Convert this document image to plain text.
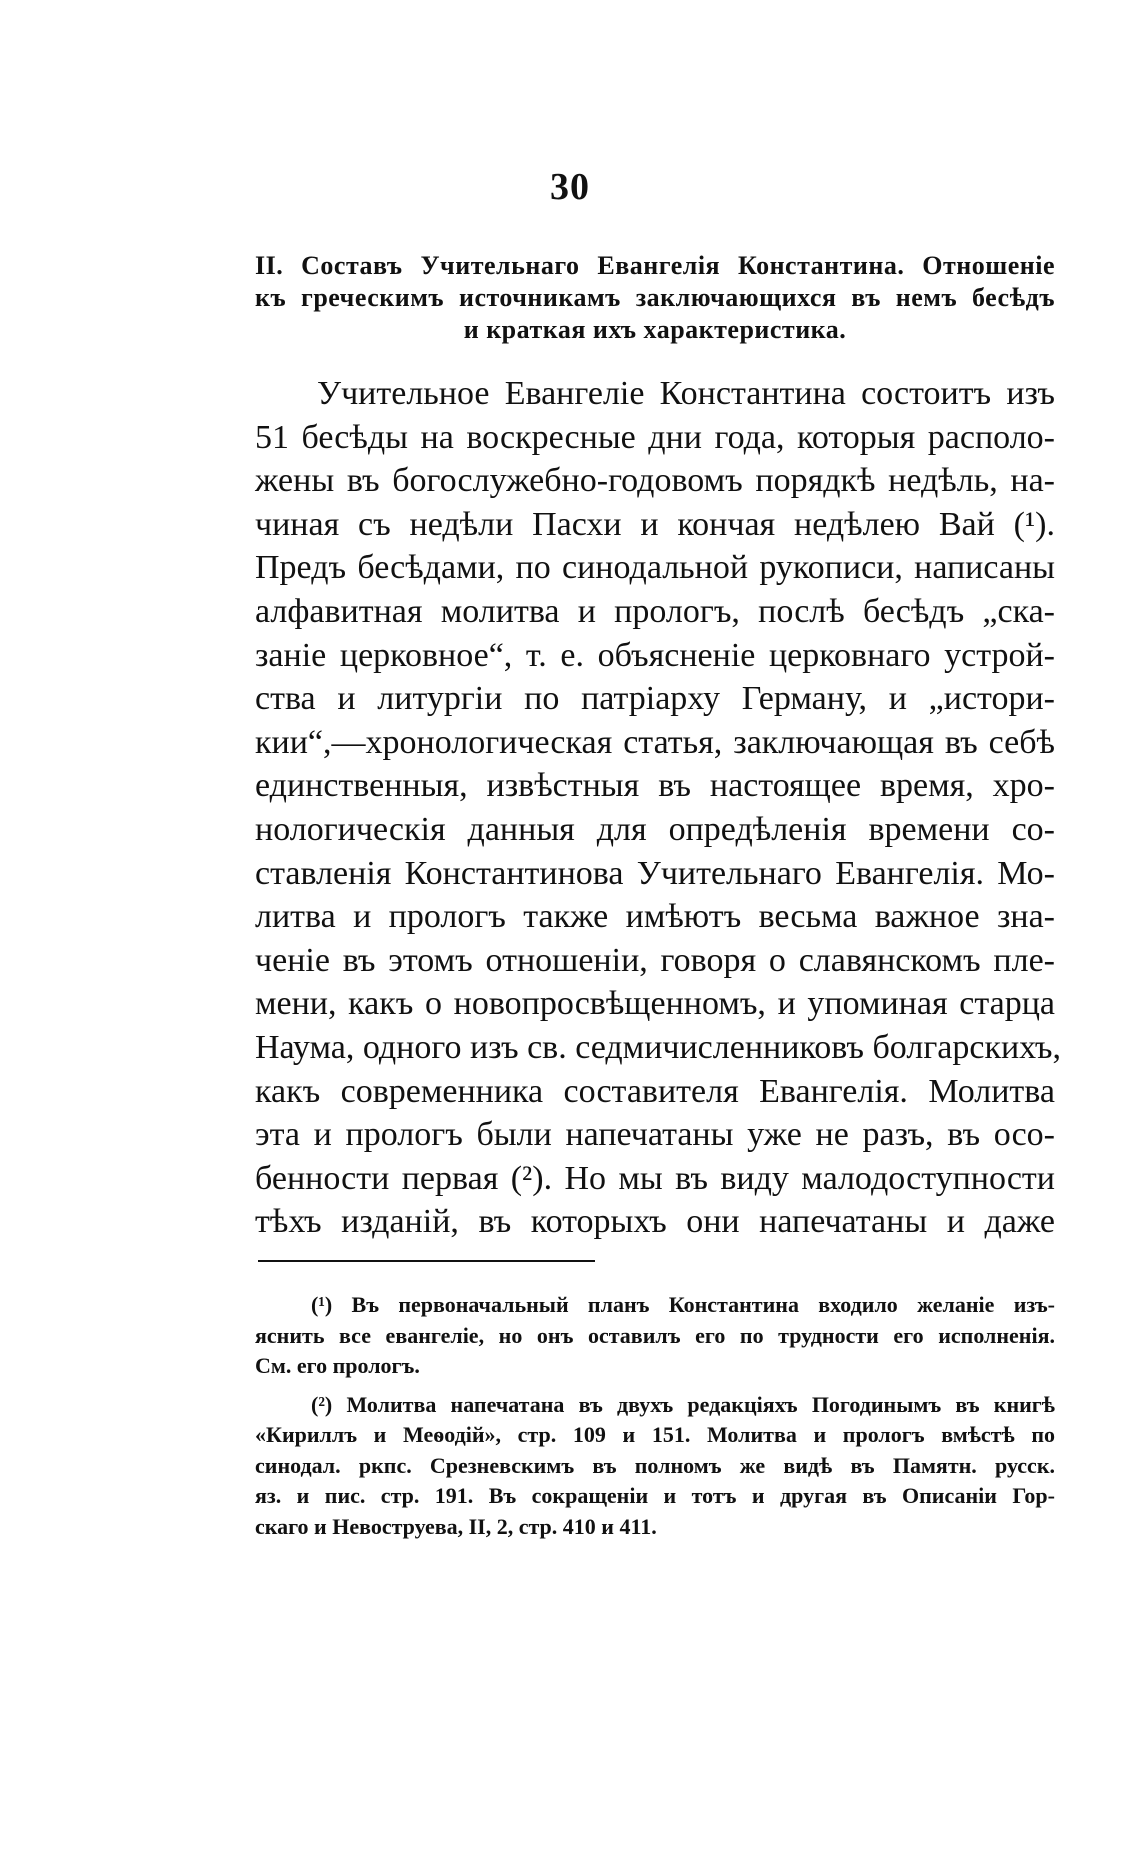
30
II. Составъ Учительнаго Евангелія Константина. Отношеніе
къ греческимъ источникамъ заключающихся въ немъ бесѣдъ
и краткая ихъ характеристика.
Учительное Евангеліе Константина состоитъ изъ
51 бесѣды на воскресные дни года, которыя располо-
жены въ богослужебно-годовомъ порядкѣ недѣль, на-
чиная съ недѣли Пасхи и кончая недѣлею Вай (¹).
Предъ бесѣдами, по синодальной рукописи, написаны
алфавитная молитва и прологъ, послѣ бесѣдъ „ска-
заніе церковное“, т. е. объясненіе церковнаго устрой-
ства и литургіи по патріарху Герману, и „истори-
кии“,—хронологическая статья, заключающая въ себѣ
единственныя, извѣстныя въ настоящее время, хро-
нологическія данныя для опредѣленія времени со-
ставленія Константинова Учительнаго Евангелія. Мо-
литва и прологъ также имѣютъ весьма важное зна-
ченіе въ этомъ отношеніи, говоря о славянскомъ пле-
мени, какъ о новопросвѣщенномъ, и упоминая старца
Наума, одного изъ св. седмичисленниковъ болгарскихъ,
какъ современника составителя Евангелія. Молитва
эта и прологъ были напечатаны уже не разъ, въ осо-
бенности первая (²). Но мы въ виду малодоступности
тѣхъ изданій, въ которыхъ они напечатаны и даже
(¹) Въ первоначальный планъ Константина входило желаніе изъ-
яснить все евангеліе, но онъ оставилъ его по трудности его исполненія.
См. его прологъ.
(²) Молитва напечатана въ двухъ редакціяхъ Погодинымъ въ книгѣ
«Кириллъ и Меѳодій», стр. 109 и 151. Молитва и прологъ вмѣстѣ по
синодал. ркпс. Срезневскимъ въ полномъ же видѣ въ Памятн. русск.
яз. и пис. стр. 191. Въ сокращеніи и тотъ и другая въ Описаніи Гор-
скаго и Невоструева, II, 2, стр. 410 и 411.
